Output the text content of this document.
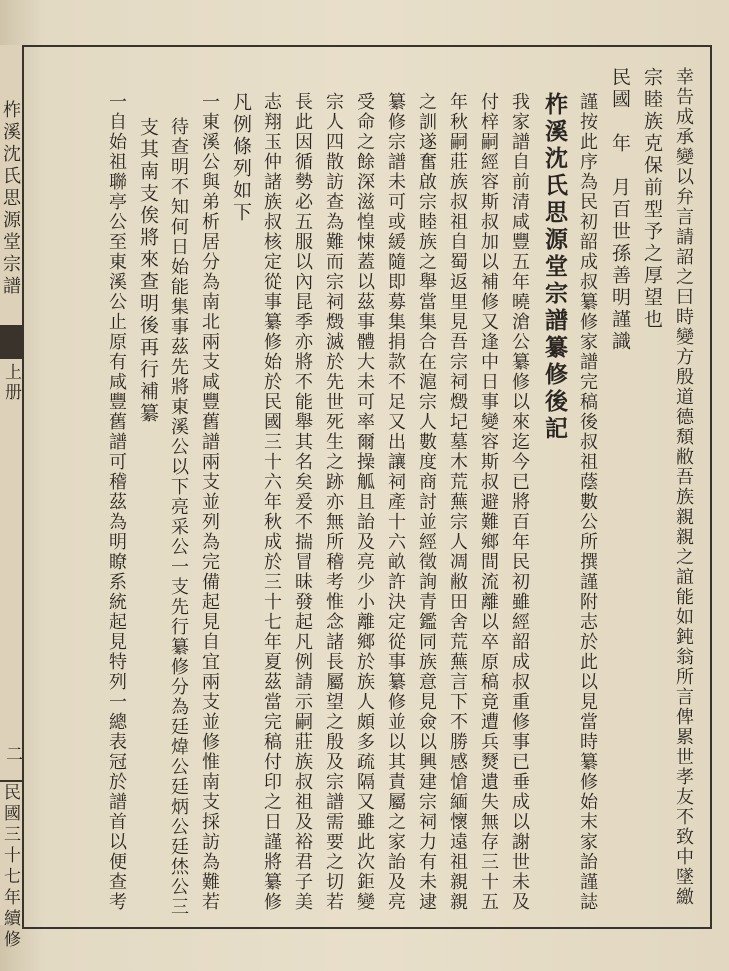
柞溪沈氏思源堂宗譜
上册
二
民國三十七年續修	幸告成承變以弁言請詔之曰時變方殷道德頹敝吾族親親之誼能如鈍翁所言俾累世孝友不致中墜繳
宗睦族克保前型予之厚望也
民國　年　月百世孫善明謹識
謹按此序為民初韶成叔纂修家譜完稿後叔祖蔭數公所撰謹附志於此以見當時纂修始末家詒謹誌
柞溪沈氏思源堂宗譜纂修後記
我家譜自前清咸豐五年曉滄公纂修以來迄今已將百年民初雖經韶成叔重修事已垂成以謝世未及
付梓嗣經容斯叔加以補修又逢中日事變容斯叔避難鄉間流離以卒原稿竟遭兵燹遺失無存三十五
年秋嗣莊族叔祖自蜀返里見吾宗祠燬圮墓木荒蕪宗人凋敝田舍荒蕪言下不勝感愴緬懷遠祖親親
之訓遂奮啟宗睦族之舉當集合在滬宗人數度商討並經徵詢青鑑同族意見僉以興建宗祠力有未逮
纂修宗譜未可或緩隨即募集捐款不足又出讓祠產十六畝許決定從事纂修並以其責屬之家詒及亮
受命之餘深滋惶悚蓋以茲事體大未可率爾操觚且詒及亮少小離鄉於族人頗多疏隔又雖此次鉅變
宗人四散訪查為難而宗祠燬滅於先世死生之跡亦無所稽考惟念諸長屬望之殷及宗譜需要之切若
長此因循勢必五服以內昆季亦將不能舉其名矣爰不揣冒昧發起凡例請示嗣莊族叔祖及裕君子美
志翔玉仲諸族叔核定從事纂修始於民國三十六年秋成於三十七年夏茲當完稿付印之日謹將纂修
凡例條列如下
一東溪公與弟析居分為南北兩支咸豐舊譜兩支並列為完備起見自宜兩支並修惟南支採訪為難若
待查明不知何日始能集事茲先將東溪公以下亮采公一支先行纂修分為廷煒公廷炳公廷烋公三
支其南支俟將來查明後再行補纂
一自始祖聯亭公至東溪公止原有咸豐舊譜可稽茲為明瞭系統起見特列一總表冠於譜首以便查考
